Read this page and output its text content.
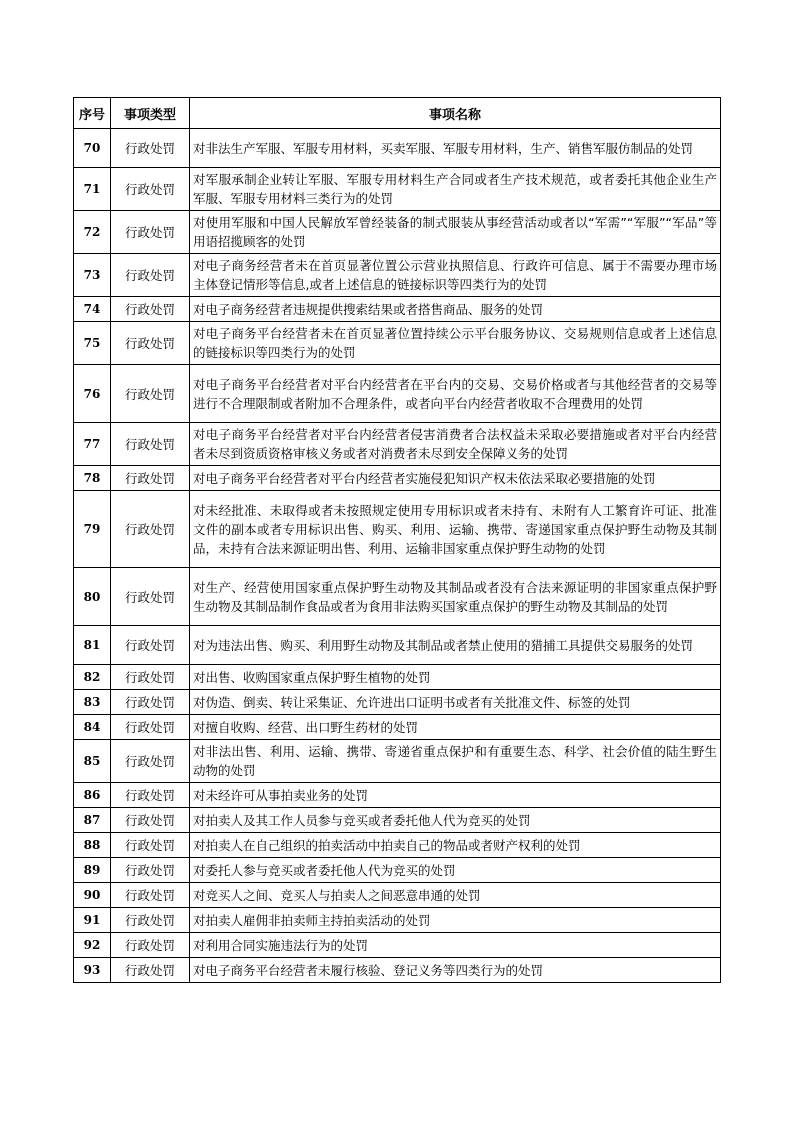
序号	事项类型	事项名称
70	行政处罚	对非法生产军服、军服专用材料，买卖军服、军服专用材料，生产、销售军服仿制品的处罚
71	行政处罚	对军服承制企业转让军服、军服专用材料生产合同或者生产技术规范，或者委托其他企业生产军服、军服专用材料三类行为的处罚
72	行政处罚	对使用军服和中国人民解放军曾经装备的制式服装从事经营活动或者以“军需”“军服”“军品”等用语招揽顾客的处罚
73	行政处罚	对电子商务经营者未在首页显著位置公示营业执照信息、行政许可信息、属于不需要办理市场主体登记情形等信息,或者上述信息的链接标识等四类行为的处罚
74	行政处罚	对电子商务经营者违规提供搜索结果或者搭售商品、服务的处罚
75	行政处罚	对电子商务平台经营者未在首页显著位置持续公示平台服务协议、交易规则信息或者上述信息的链接标识等四类行为的处罚
76	行政处罚	对电子商务平台经营者对平台内经营者在平台内的交易、交易价格或者与其他经营者的交易等进行不合理限制或者附加不合理条件，或者向平台内经营者收取不合理费用的处罚
77	行政处罚	对电子商务平台经营者对平台内经营者侵害消费者合法权益未采取必要措施或者对平台内经营者未尽到资质资格审核义务或者对消费者未尽到安全保障义务的处罚
78	行政处罚	对电子商务平台经营者对平台内经营者实施侵犯知识产权未依法采取必要措施的处罚
79	行政处罚	对未经批准、未取得或者未按照规定使用专用标识或者未持有、未附有人工繁育许可证、批准文件的副本或者专用标识出售、购买、利用、运输、携带、寄递国家重点保护野生动物及其制品，未持有合法来源证明出售、利用、运输非国家重点保护野生动物的处罚
80	行政处罚	对生产、经营使用国家重点保护野生动物及其制品或者没有合法来源证明的非国家重点保护野生动物及其制品制作食品或者为食用非法购买国家重点保护的野生动物及其制品的处罚
81	行政处罚	对为违法出售、购买、利用野生动物及其制品或者禁止使用的猎捕工具提供交易服务的处罚
82	行政处罚	对出售、收购国家重点保护野生植物的处罚
83	行政处罚	对伪造、倒卖、转让采集证、允许进出口证明书或者有关批准文件、标签的处罚
84	行政处罚	对擅自收购、经营、出口野生药材的处罚
85	行政处罚	对非法出售、利用、运输、携带、寄递省重点保护和有重要生态、科学、社会价值的陆生野生动物的处罚
86	行政处罚	对未经许可从事拍卖业务的处罚
87	行政处罚	对拍卖人及其工作人员参与竞买或者委托他人代为竞买的处罚
88	行政处罚	对拍卖人在自己组织的拍卖活动中拍卖自己的物品或者财产权利的处罚
89	行政处罚	对委托人参与竞买或者委托他人代为竞买的处罚
90	行政处罚	对竞买人之间、竞买人与拍卖人之间恶意串通的处罚
91	行政处罚	对拍卖人雇佣非拍卖师主持拍卖活动的处罚
92	行政处罚	对利用合同实施违法行为的处罚
93	行政处罚	对电子商务平台经营者未履行核验、登记义务等四类行为的处罚
